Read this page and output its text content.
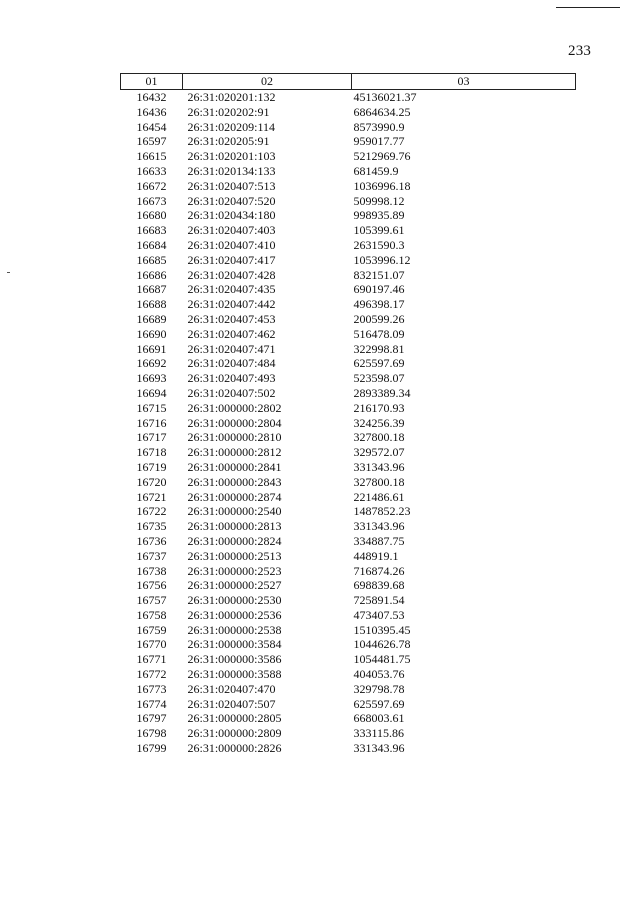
233
01	02	03
16432	26:31:020201:132	45136021.37
16436	26:31:020202:91	6864634.25
16454	26:31:020209:114	8573990.9
16597	26:31:020205:91	959017.77
16615	26:31:020201:103	5212969.76
16633	26:31:020134:133	681459.9
16672	26:31:020407:513	1036996.18
16673	26:31:020407:520	509998.12
16680	26:31:020434:180	998935.89
16683	26:31:020407:403	105399.61
16684	26:31:020407:410	2631590.3
16685	26:31:020407:417	1053996.12
16686	26:31:020407:428	832151.07
16687	26:31:020407:435	690197.46
16688	26:31:020407:442	496398.17
16689	26:31:020407:453	200599.26
16690	26:31:020407:462	516478.09
16691	26:31:020407:471	322998.81
16692	26:31:020407:484	625597.69
16693	26:31:020407:493	523598.07
16694	26:31:020407:502	2893389.34
16715	26:31:000000:2802	216170.93
16716	26:31:000000:2804	324256.39
16717	26:31:000000:2810	327800.18
16718	26:31:000000:2812	329572.07
16719	26:31:000000:2841	331343.96
16720	26:31:000000:2843	327800.18
16721	26:31:000000:2874	221486.61
16722	26:31:000000:2540	1487852.23
16735	26:31:000000:2813	331343.96
16736	26:31:000000:2824	334887.75
16737	26:31:000000:2513	448919.1
16738	26:31:000000:2523	716874.26
16756	26:31:000000:2527	698839.68
16757	26:31:000000:2530	725891.54
16758	26:31:000000:2536	473407.53
16759	26:31:000000:2538	1510395.45
16770	26:31:000000:3584	1044626.78
16771	26:31:000000:3586	1054481.75
16772	26:31:000000:3588	404053.76
16773	26:31:020407:470	329798.78
16774	26:31:020407:507	625597.69
16797	26:31:000000:2805	668003.61
16798	26:31:000000:2809	333115.86
16799	26:31:000000:2826	331343.96
